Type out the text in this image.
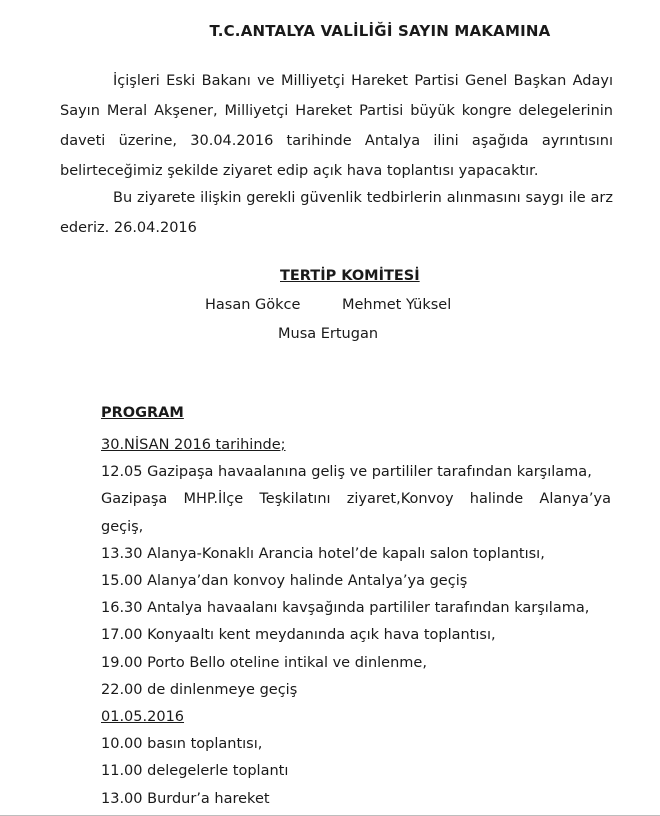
T.C.ANTALYA VALİLİĞİ SAYIN MAKAMINA
İçişleri Eski Bakanı ve Milliyetçi Hareket Partisi Genel Başkan Adayı Sayın Meral Akşener, Milliyetçi Hareket Partisi büyük kongre delegelerinin daveti üzerine, 30.04.2016 tarihinde Antalya ilini aşağıda ayrıntısını belirteceğimiz şekilde ziyaret edip açık hava toplantısı yapacaktır.
Bu ziyarete ilişkin gerekli güvenlik tedbirlerin alınmasını saygı ile arz ederiz. 26.04.2016
TERTİP KOMİTESİ
Hasan Gökce	Mehmet Yüksel
Musa Ertugan
PROGRAM
30.NİSAN 2016 tarihinde;
12.05 Gazipaşa havaalanına geliş ve partililer tarafından karşılama,
Gazipaşa MHP.İlçe Teşkilatını ziyaret,Konvoy halinde Alanya’ya
geçiş,
13.30 Alanya-Konaklı Arancia hotel’de kapalı salon toplantısı,
15.00 Alanya’dan konvoy halinde Antalya’ya geçiş
16.30 Antalya havaalanı kavşağında partililer tarafından karşılama,
17.00 Konyaaltı kent meydanında açık hava toplantısı,
19.00 Porto Bello oteline intikal ve dinlenme,
22.00 de dinlenmeye geçiş
01.05.2016
10.00 basın toplantısı,
11.00 delegelerle toplantı
13.00 Burdur’a hareket
